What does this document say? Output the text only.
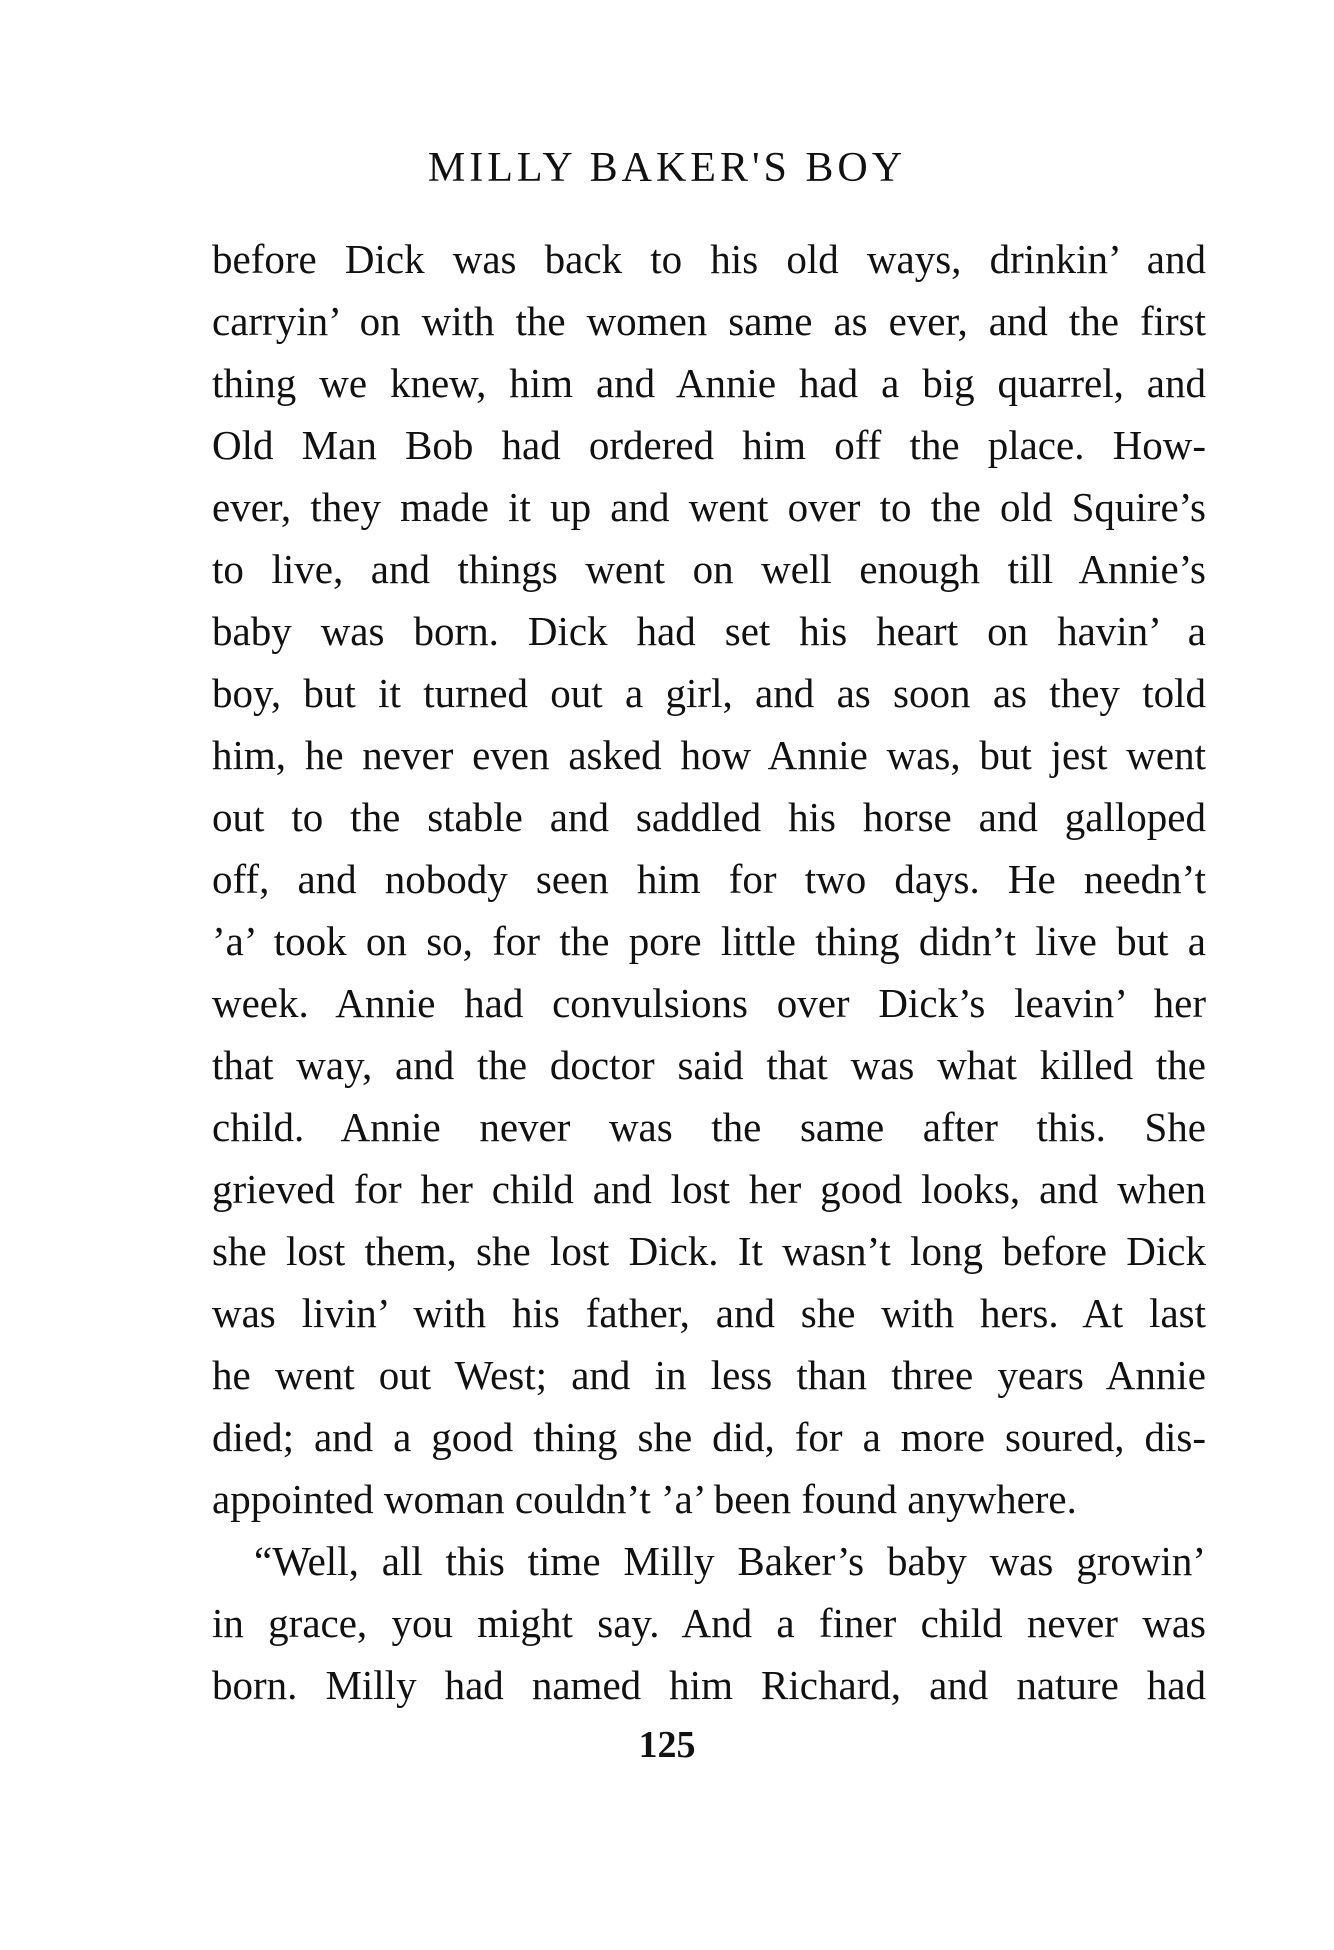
MILLY BAKER'S BOY
before Dick was back to his old ways, drinkin’ and
carryin’ on with the women same as ever, and the first
thing we knew, him and Annie had a big quarrel, and
Old Man Bob had ordered him off the place. How-
ever, they made it up and went over to the old Squire’s
to live, and things went on well enough till Annie’s
baby was born. Dick had set his heart on havin’ a
boy, but it turned out a girl, and as soon as they told
him, he never even asked how Annie was, but jest went
out to the stable and saddled his horse and galloped
off, and nobody seen him for two days. He needn’t
’a’ took on so, for the pore little thing didn’t live but a
week. Annie had convulsions over Dick’s leavin’ her
that way, and the doctor said that was what killed the
child. Annie never was the same after this. She
grieved for her child and lost her good looks, and when
she lost them, she lost Dick. It wasn’t long before Dick
was livin’ with his father, and she with hers. At last
he went out West; and in less than three years Annie
died; and a good thing she did, for a more soured, dis-
appointed woman couldn’t ’a’ been found anywhere.
“Well, all this time Milly Baker’s baby was growin’
in grace, you might say. And a finer child never was
born. Milly had named him Richard, and nature had
125
